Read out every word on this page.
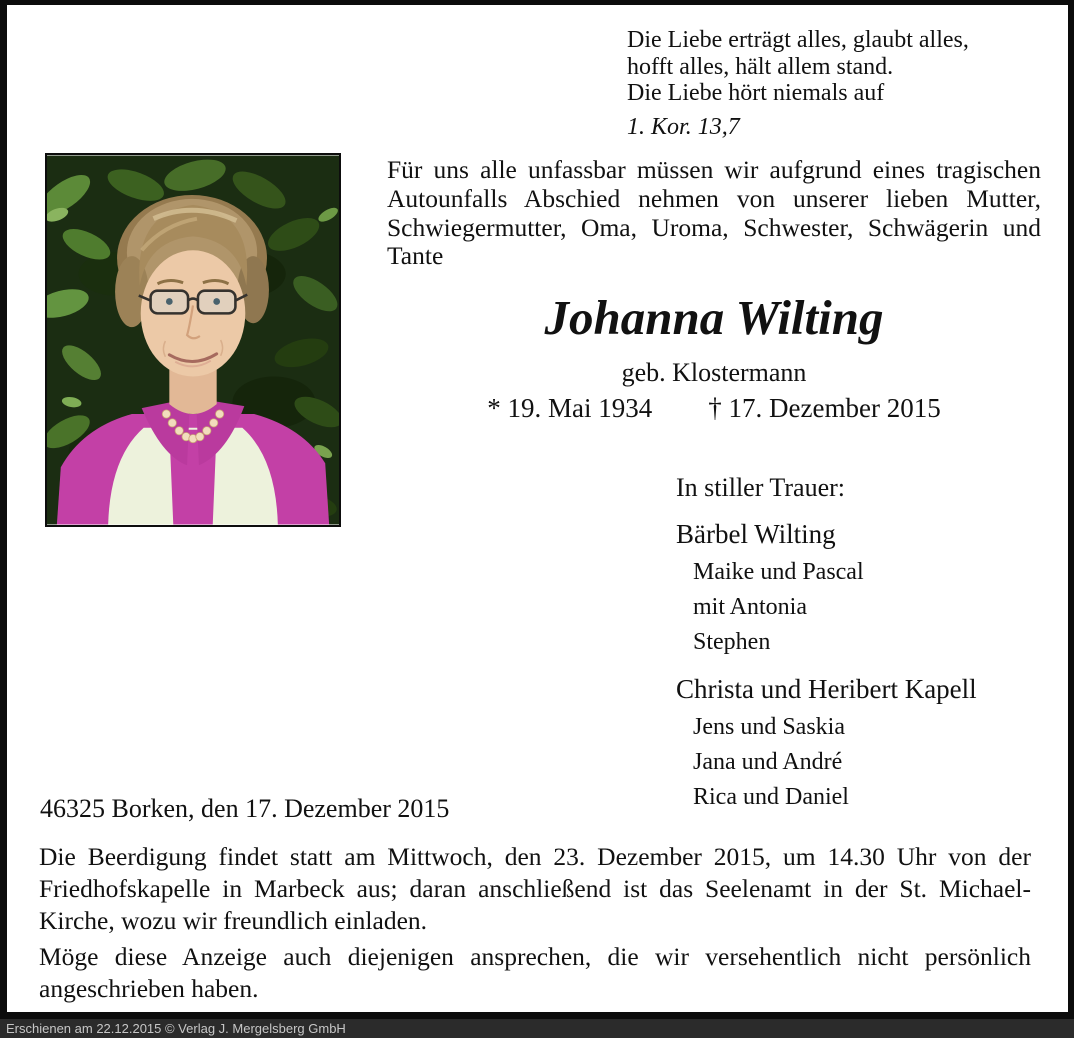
Die Liebe erträgt alles, glaubt alles,
hofft alles, hält allem stand.
Die Liebe hört niemals auf
1. Kor. 13,7
Für uns alle unfassbar müssen wir aufgrund eines tragischen Autounfalls Abschied nehmen von unserer lieben Mutter, Schwiegermutter, Oma, Uroma, Schwester, Schwägerin und Tante
Johanna Wilting
geb. Klostermann
* 19. Mai 1934 † 17. Dezember 2015
In stiller Trauer:
Bärbel Wilting
Maike und Pascal
mit Antonia
Stephen
Christa und Heribert Kapell
Jens und Saskia
Jana und André
Rica und Daniel
46325 Borken, den 17. Dezember 2015
Die Beerdigung findet statt am Mittwoch, den 23. Dezember 2015, um 14.30 Uhr von der Friedhofskapelle in Marbeck aus; daran anschließend ist das Seelenamt in der St. Michael-Kirche, wozu wir freundlich einladen.
Möge diese Anzeige auch diejenigen ansprechen, die wir versehentlich nicht persönlich angeschrieben haben.
Erschienen am 22.12.2015 © Verlag J. Mergelsberg GmbH
